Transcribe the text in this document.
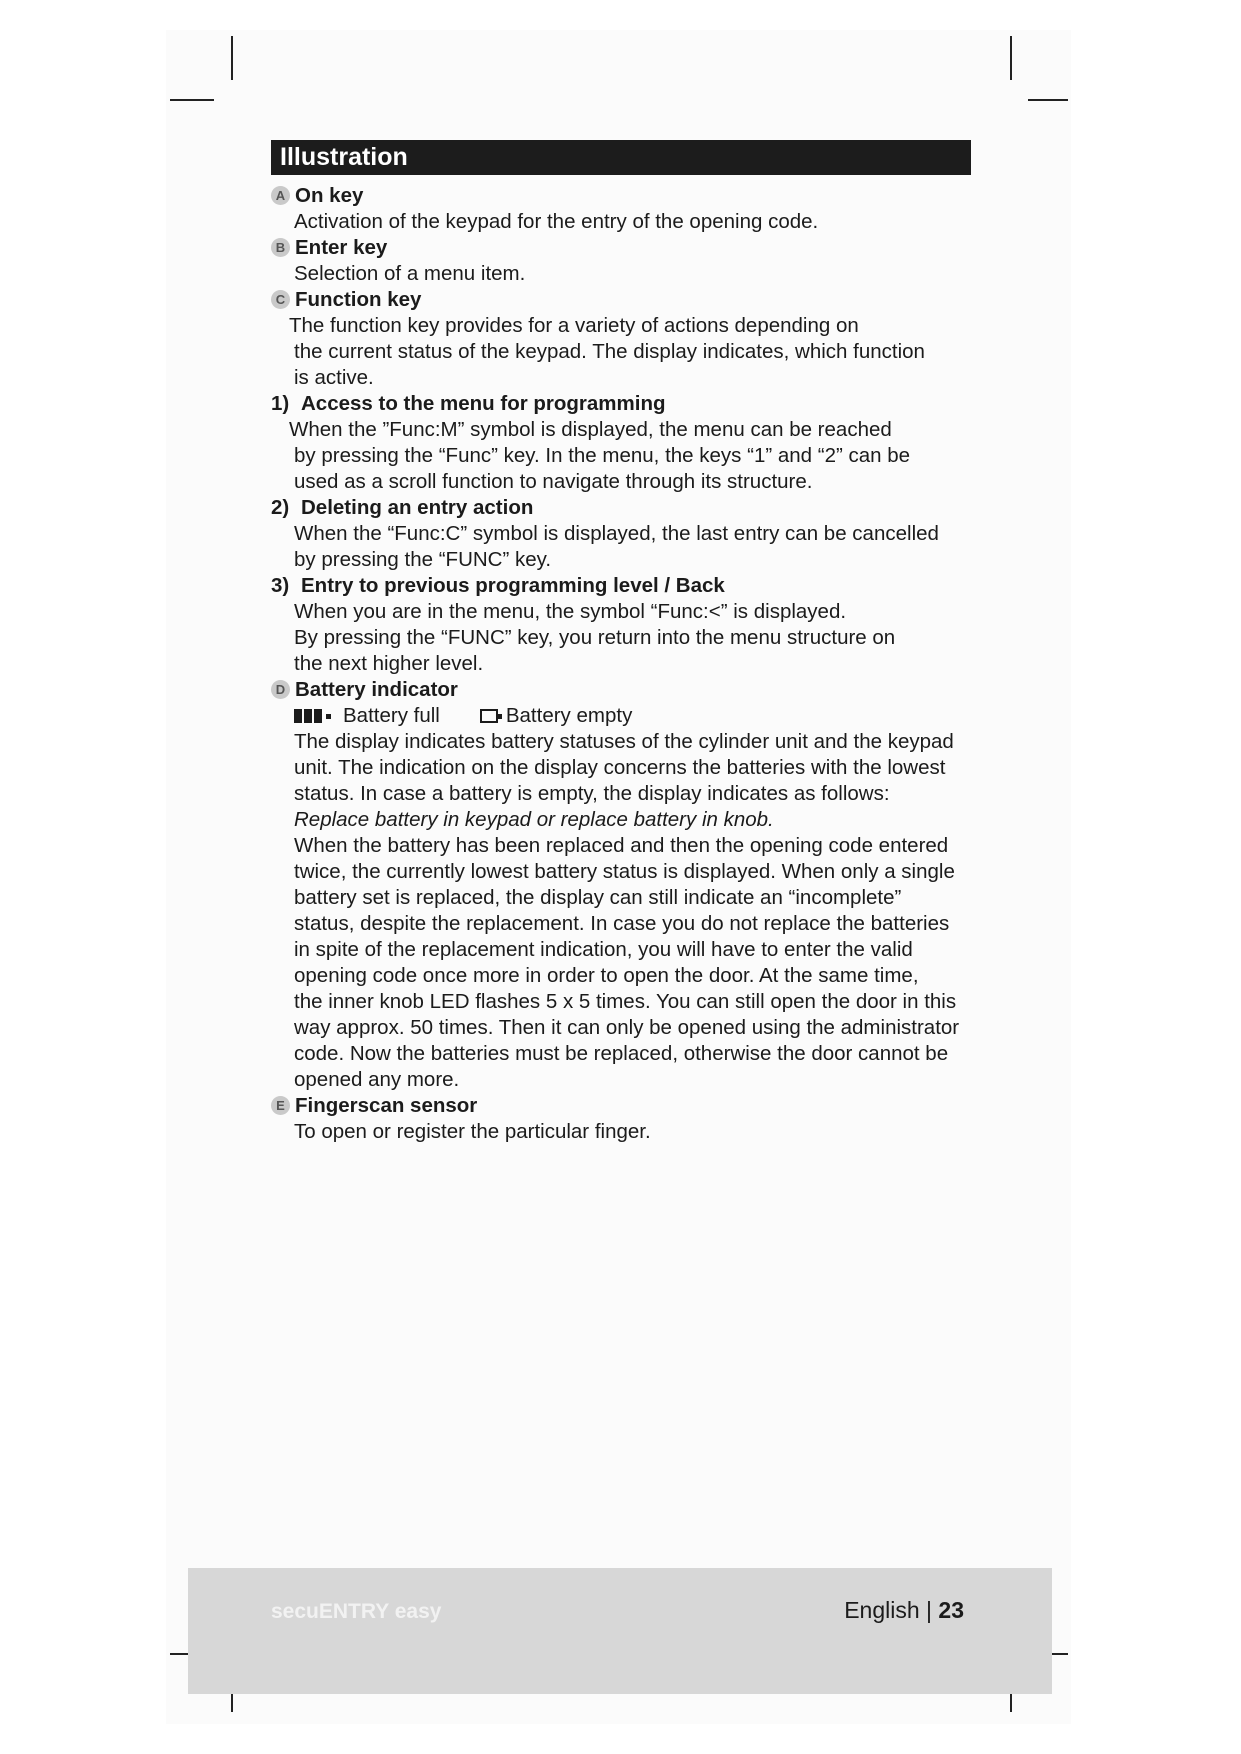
Illustration
A On key
Activation of the keypad for the entry of the opening code.
B Enter key
Selection of a menu item.
C Function key
The function key provides for a variety of actions depending on
the current status of the keypad. The display indicates, which function
is active.
1) Access to the menu for programming
When the ”Func:M” symbol is displayed, the menu can be reached
by pressing the “Func” key. In the menu, the keys “1” and “2” can be
used as a scroll function to navigate through its structure.
2) Deleting an entry action
When the “Func:C” symbol is displayed, the last entry can be cancelled
by pressing the “FUNC” key.
3) Entry to previous programming level / Back
When you are in the menu, the symbol “Func:<” is displayed.
By pressing the “FUNC” key, you return into the menu structure on
the next higher level.
D Battery indicator
Battery full	Battery empty
The display indicates battery statuses of the cylinder unit and the keypad
unit. The indication on the display concerns the batteries with the lowest
status. In case a battery is empty, the display indicates as follows:
Replace battery in keypad or replace battery in knob.
When the battery has been replaced and then the opening code entered
twice, the currently lowest battery status is displayed. When only a single
battery set is replaced, the display can still indicate an “incomplete”
status, despite the replacement. In case you do not replace the batteries
in spite of the replacement indication, you will have to enter the valid
opening code once more in order to open the door. At the same time,
the inner knob LED flashes 5 x 5 times. You can still open the door in this
way approx. 50 times. Then it can only be opened using the administrator
code. Now the batteries must be replaced, otherwise the door cannot be
opened any more.
E Fingerscan sensor
To open or register the particular finger.
secuENTRY easy	English | 23
